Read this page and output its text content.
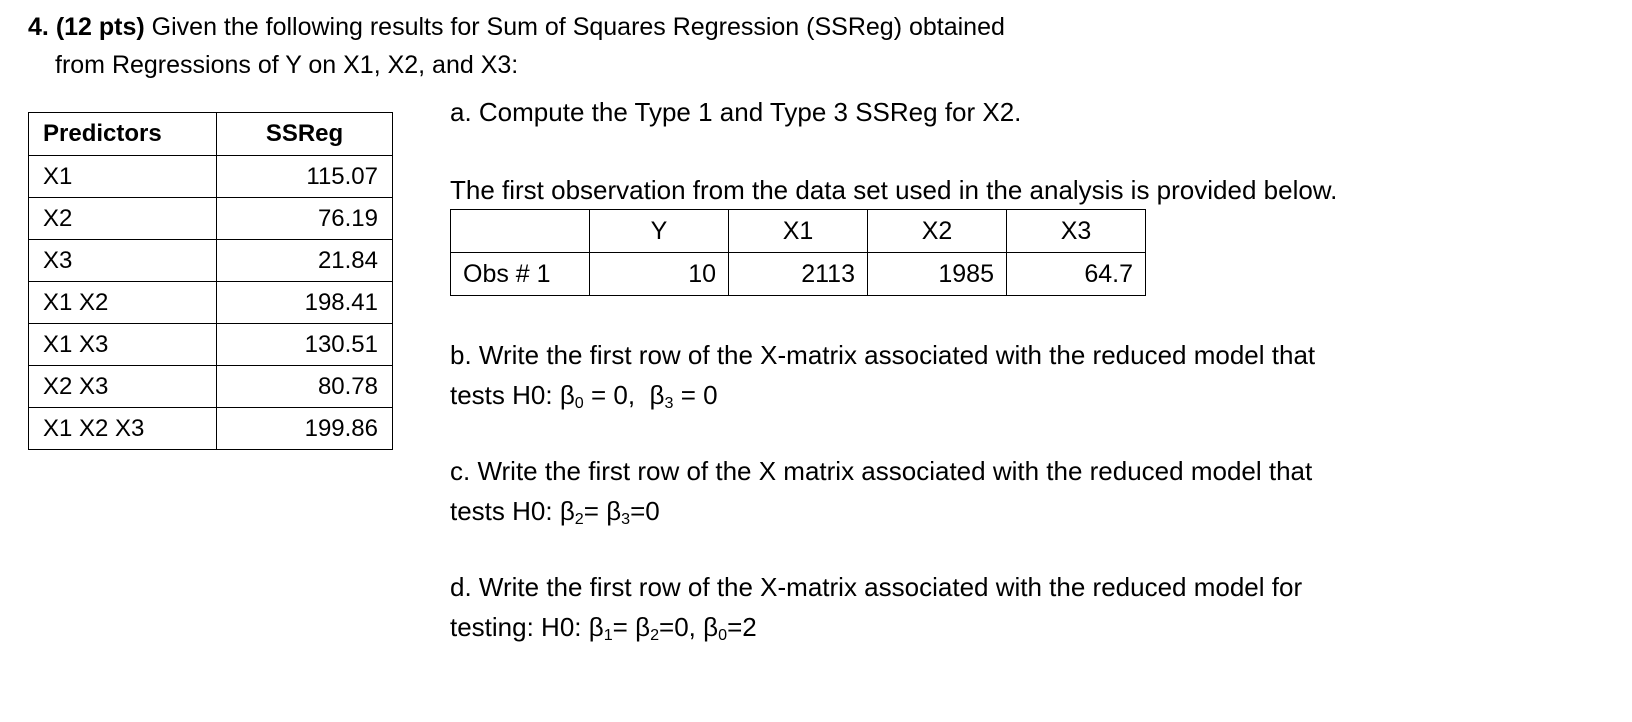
4. (12 pts) Given the following results for Sum of Squares Regression (SSReg) obtained
from Regressions of Y on X1, X2, and X3:
Predictors	SSReg
X1	115.07
X2	76.19
X3	21.84
X1 X2	198.41
X1 X3	130.51
X2 X3	80.78
X1 X2 X3	199.86
a. Compute the Type 1 and Type 3 SSReg for X2.
The first observation from the data set used in the analysis is provided below.
	Y	X1	X2	X3
Obs # 1	10	2113	1985	64.7
b. Write the first row of the X-matrix associated with the reduced model that
tests H0: $\beta_0 = 0$,  $\beta_3 = 0$
c. Write the first row of the X matrix associated with the reduced model that
tests H0: $\beta_2= \beta_3=0$
d. Write the first row of the X-matrix associated with the reduced model for
testing: H0: $\beta_1= \beta_2=0$, $\beta_0=2$
